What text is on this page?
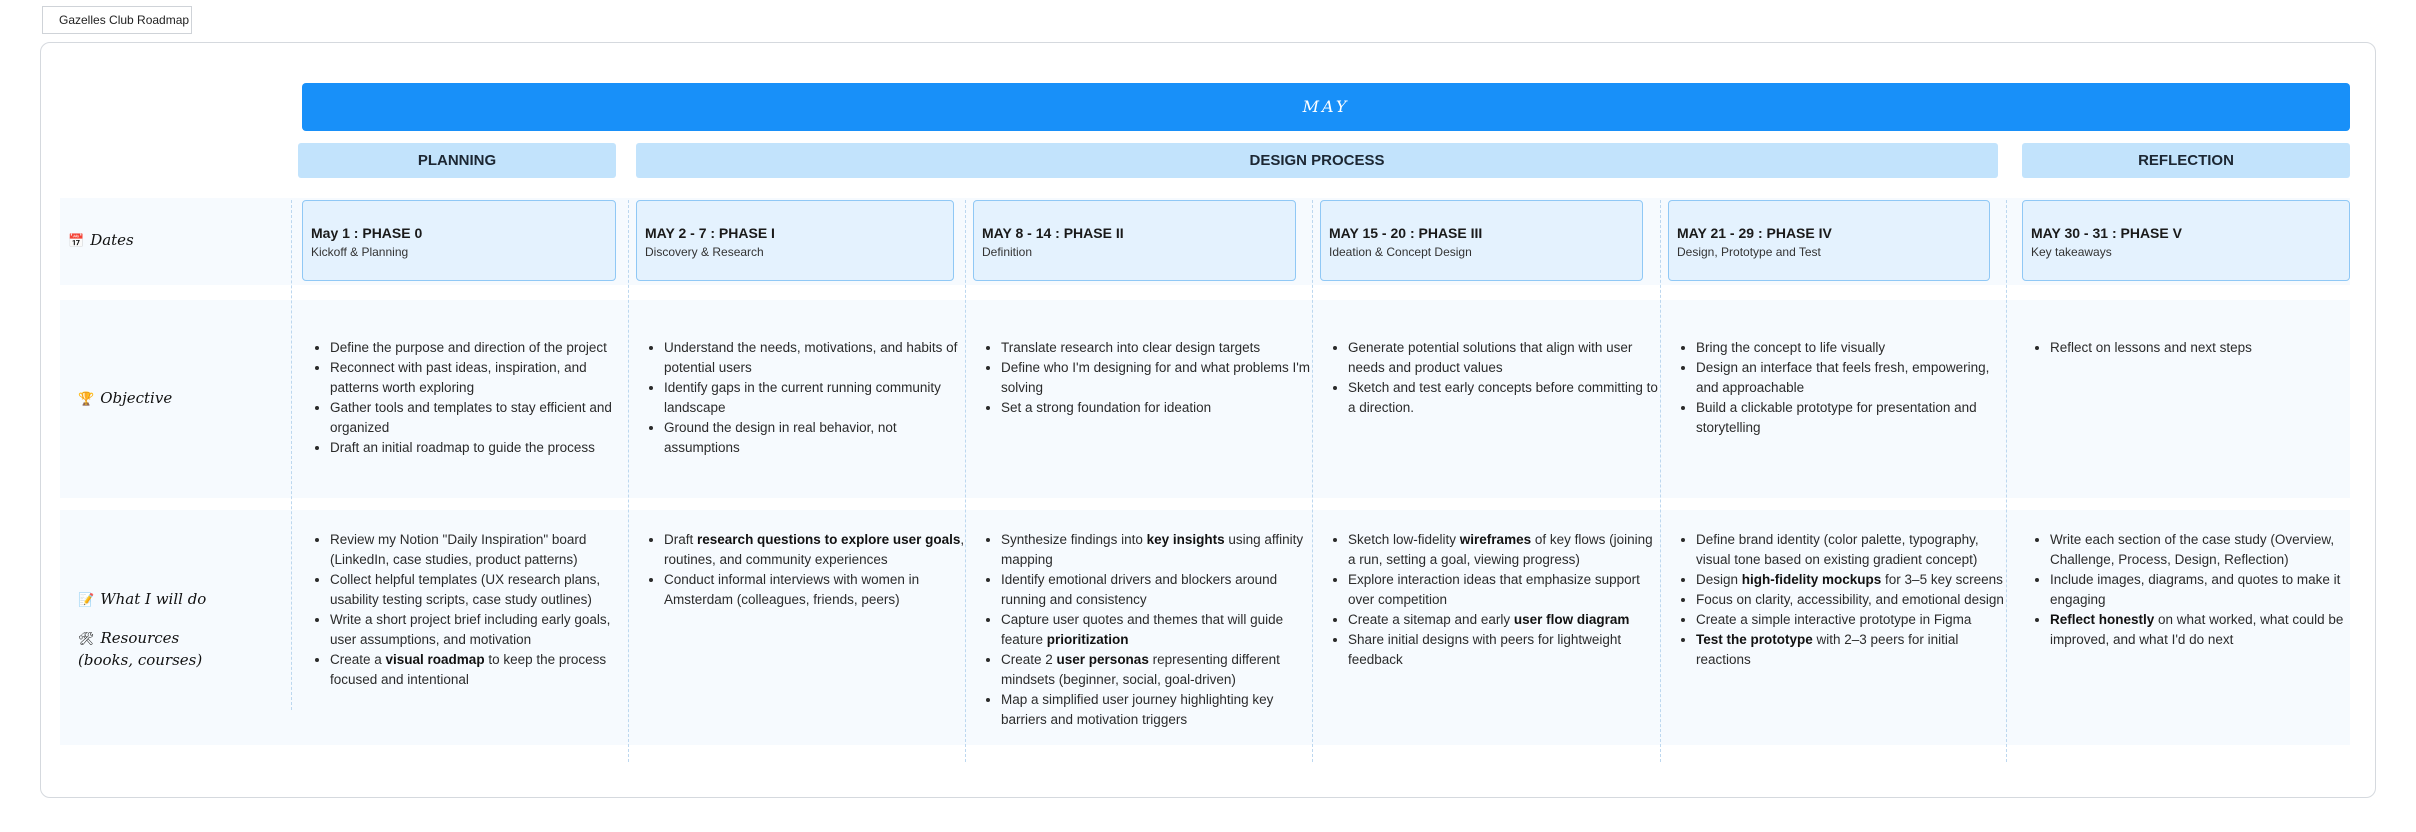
Gazelles Club Roadmap
MAY
PLANNING	DESIGN PROCESS	REFLECTION
📅 Dates
🏆 Objective
📝 What I will do
🛠 Resources
(books, courses)
May 1 : PHASE 0
Kickoff & Planning
MAY 2 - 7 : PHASE I
Discovery & Research
MAY 8 - 14 : PHASE II
Definition
MAY 15 - 20 : PHASE III
Ideation & Concept Design
MAY 21 - 29 : PHASE IV
Design, Prototype and Test
MAY 30 - 31 : PHASE V
Key takeaways
• Define the purpose and direction of the project
• Reconnect with past ideas, inspiration, and patterns worth exploring
• Gather tools and templates to stay efficient and organized
• Draft an initial roadmap to guide the process
• Understand the needs, motivations, and habits of potential users
• Identify gaps in the current running community landscape
• Ground the design in real behavior, not assumptions
• Translate research into clear design targets
• Define who I'm designing for and what problems I'm solving
• Set a strong foundation for ideation
• Generate potential solutions that align with user needs and product values
• Sketch and test early concepts before committing to a direction.
• Bring the concept to life visually
• Design an interface that feels fresh, empowering, and approachable
• Build a clickable prototype for presentation and storytelling
• Reflect on lessons and next steps
• Review my Notion "Daily Inspiration" board (LinkedIn, case studies, product patterns)
• Collect helpful templates (UX research plans, usability testing scripts, case study outlines)
• Write a short project brief including early goals, user assumptions, and motivation
• Create a visual roadmap to keep the process focused and intentional
• Draft research questions to explore user goals, routines, and community experiences
• Conduct informal interviews with women in Amsterdam (colleagues, friends, peers)
• Synthesize findings into key insights using affinity mapping
• Identify emotional drivers and blockers around running and consistency
• Capture user quotes and themes that will guide feature prioritization
• Create 2 user personas representing different mindsets (beginner, social, goal-driven)
• Map a simplified user journey highlighting key barriers and motivation triggers
• Sketch low-fidelity wireframes of key flows (joining a run, setting a goal, viewing progress)
• Explore interaction ideas that emphasize support over competition
• Create a sitemap and early user flow diagram
• Share initial designs with peers for lightweight feedback
• Define brand identity (color palette, typography, visual tone based on existing gradient concept)
• Design high-fidelity mockups for 3–5 key screens
• Focus on clarity, accessibility, and emotional design
• Create a simple interactive prototype in Figma
• Test the prototype with 2–3 peers for initial reactions
• Write each section of the case study (Overview, Challenge, Process, Design, Reflection)
• Include images, diagrams, and quotes to make it engaging
• Reflect honestly on what worked, what could be improved, and what I'd do next
